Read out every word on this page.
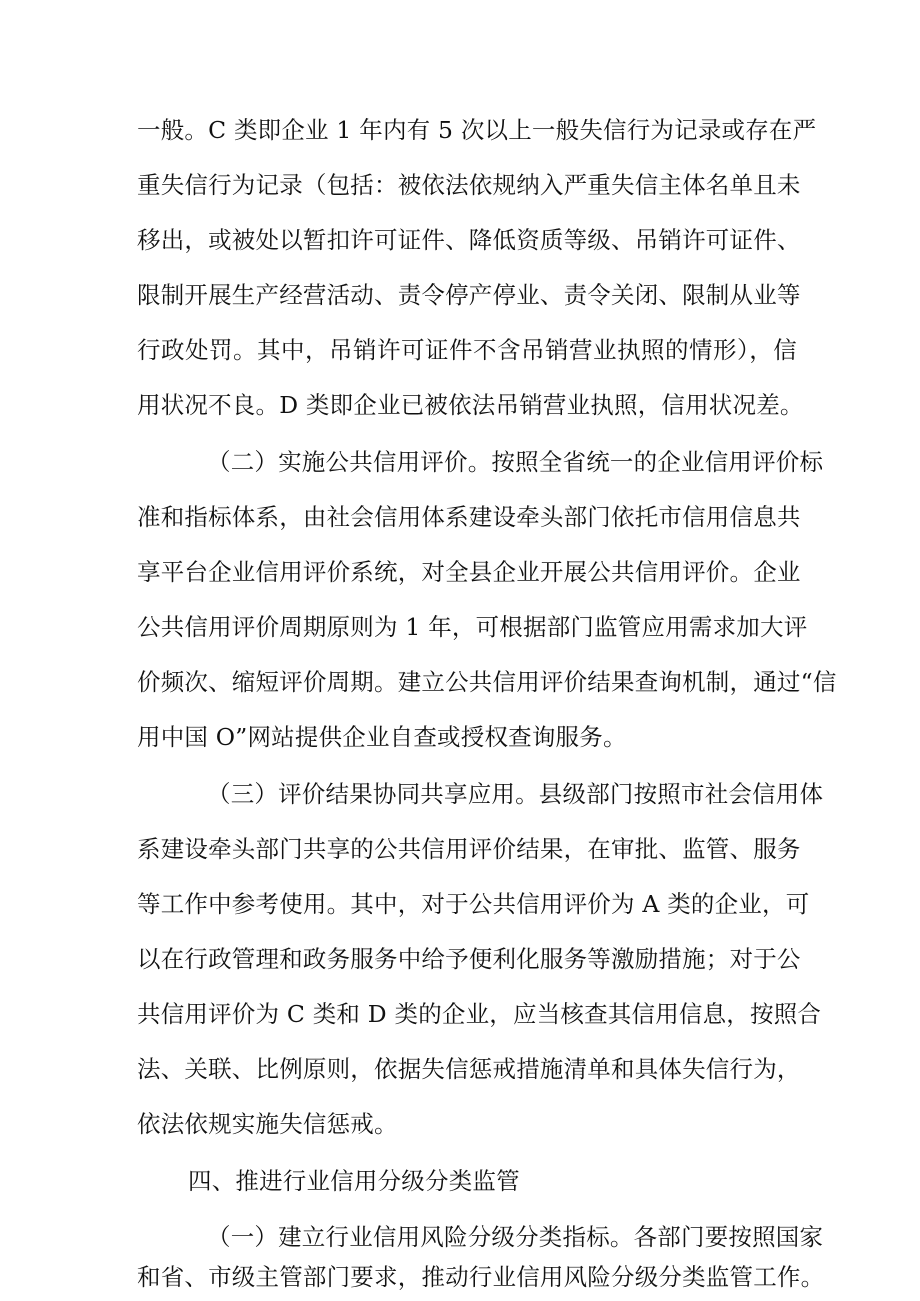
一般。C 类即企业 1 年内有 5 次以上一般失信行为记录或存在严
重失信行为记录（包括：被依法依规纳入严重失信主体名单且未
移出，或被处以暂扣许可证件、降低资质等级、吊销许可证件、
限制开展生产经营活动、责令停产停业、责令关闭、限制从业等
行政处罚。其中，吊销许可证件不含吊销营业执照的情形），信
用状况不良。D 类即企业已被依法吊销营业执照，信用状况差。
（二）实施公共信用评价。按照全省统一的企业信用评价标
准和指标体系，由社会信用体系建设牵头部门依托市信用信息共
享平台企业信用评价系统，对全县企业开展公共信用评价。企业
公共信用评价周期原则为 1 年，可根据部门监管应用需求加大评
价频次、缩短评价周期。建立公共信用评价结果查询机制，通过“信
用中国 O”网站提供企业自查或授权查询服务。
（三）评价结果协同共享应用。县级部门按照市社会信用体
系建设牵头部门共享的公共信用评价结果，在审批、监管、服务
等工作中参考使用。其中，对于公共信用评价为 A 类的企业，可
以在行政管理和政务服务中给予便利化服务等激励措施；对于公
共信用评价为 C 类和 D 类的企业，应当核查其信用信息，按照合
法、关联、比例原则，依据失信惩戒措施清单和具体失信行为，
依法依规实施失信惩戒。
四、推进行业信用分级分类监管
（一）建立行业信用风险分级分类指标。各部门要按照国家
和省、市级主管部门要求，推动行业信用风险分级分类监管工作。
